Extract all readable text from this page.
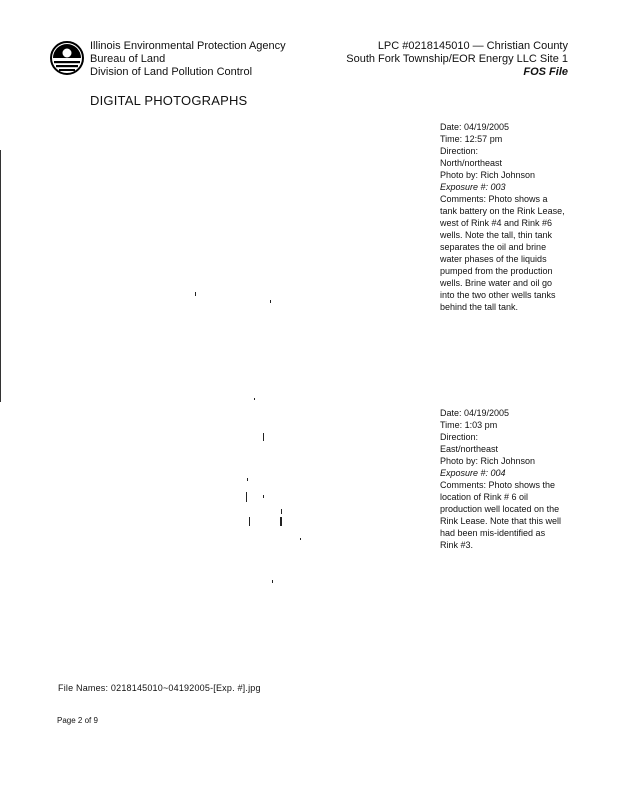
Illinois Environmental Protection Agency
Bureau of Land
Division of Land Pollution Control
LPC #0218145010 — Christian County
South Fork Township/EOR Energy LLC Site 1
FOS File
DIGITAL PHOTOGRAPHS
Date: 04/19/2005
Time: 12:57 pm
Direction:
North/northeast
Photo by: Rich Johnson
Exposure #: 003
Comments: Photo shows a tank battery on the Rink Lease, west of Rink #4 and Rink #6 wells. Note the tall, thin tank separates the oil and brine water phases of the liquids pumped from the production wells. Brine water and oil go into the two other wells tanks behind the tall tank.
Date: 04/19/2005
Time: 1:03 pm
Direction:
East/northeast
Photo by: Rich Johnson
Exposure #: 004
Comments: Photo shows the location of Rink # 6 oil production well located on the Rink Lease. Note that this well had been mis-identified as Rink #3.
File Names: 0218145010~04192005-[Exp. #].jpg
Page 2 of 9
